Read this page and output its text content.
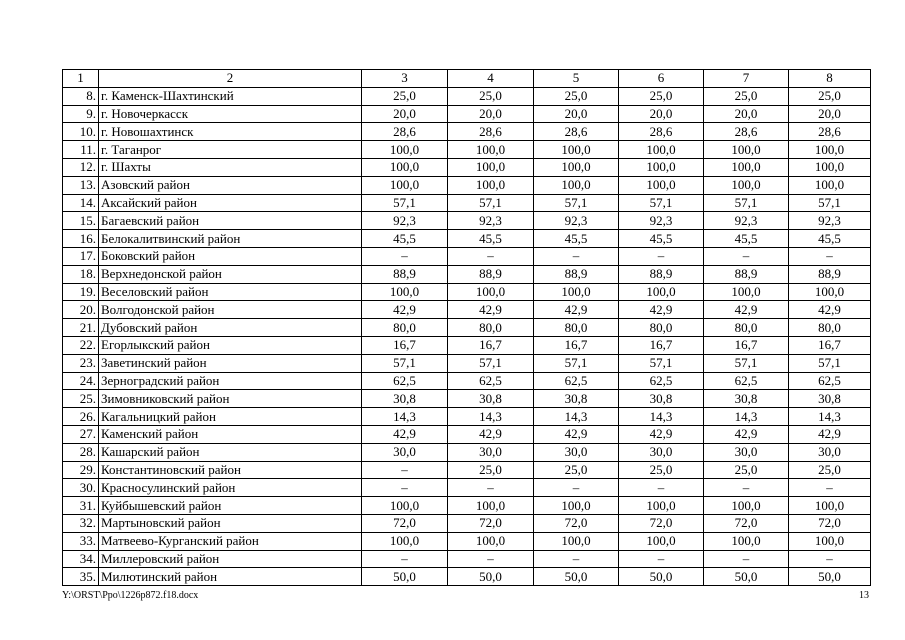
1	2	3	4	5	6	7	8
8.	г. Каменск-Шахтинский	25,0	25,0	25,0	25,0	25,0	25,0
9.	г. Новочеркасск	20,0	20,0	20,0	20,0	20,0	20,0
10.	г. Новошахтинск	28,6	28,6	28,6	28,6	28,6	28,6
11.	г. Таганрог	100,0	100,0	100,0	100,0	100,0	100,0
12.	г. Шахты	100,0	100,0	100,0	100,0	100,0	100,0
13.	Азовский район	100,0	100,0	100,0	100,0	100,0	100,0
14.	Аксайский район	57,1	57,1	57,1	57,1	57,1	57,1
15.	Багаевский район	92,3	92,3	92,3	92,3	92,3	92,3
16.	Белокалитвинский район	45,5	45,5	45,5	45,5	45,5	45,5
17.	Боковский район	–	–	–	–	–	–
18.	Верхнедонской район	88,9	88,9	88,9	88,9	88,9	88,9
19.	Веселовский район	100,0	100,0	100,0	100,0	100,0	100,0
20.	Волгодонской район	42,9	42,9	42,9	42,9	42,9	42,9
21.	Дубовский район	80,0	80,0	80,0	80,0	80,0	80,0
22.	Егорлыкский район	16,7	16,7	16,7	16,7	16,7	16,7
23.	Заветинский район	57,1	57,1	57,1	57,1	57,1	57,1
24.	Зерноградский район	62,5	62,5	62,5	62,5	62,5	62,5
25.	Зимовниковский район	30,8	30,8	30,8	30,8	30,8	30,8
26.	Кагальницкий район	14,3	14,3	14,3	14,3	14,3	14,3
27.	Каменский район	42,9	42,9	42,9	42,9	42,9	42,9
28.	Кашарский район	30,0	30,0	30,0	30,0	30,0	30,0
29.	Константиновский район	–	25,0	25,0	25,0	25,0	25,0
30.	Красносулинский район	–	–	–	–	–	–
31.	Куйбышевский район	100,0	100,0	100,0	100,0	100,0	100,0
32.	Мартыновский район	72,0	72,0	72,0	72,0	72,0	72,0
33.	Матвеево-Курганский район	100,0	100,0	100,0	100,0	100,0	100,0
34.	Миллеровский район	–	–	–	–	–	–
35.	Милютинский район	50,0	50,0	50,0	50,0	50,0	50,0
Y:\ORST\Ppo\1226p872.f18.docx	13
